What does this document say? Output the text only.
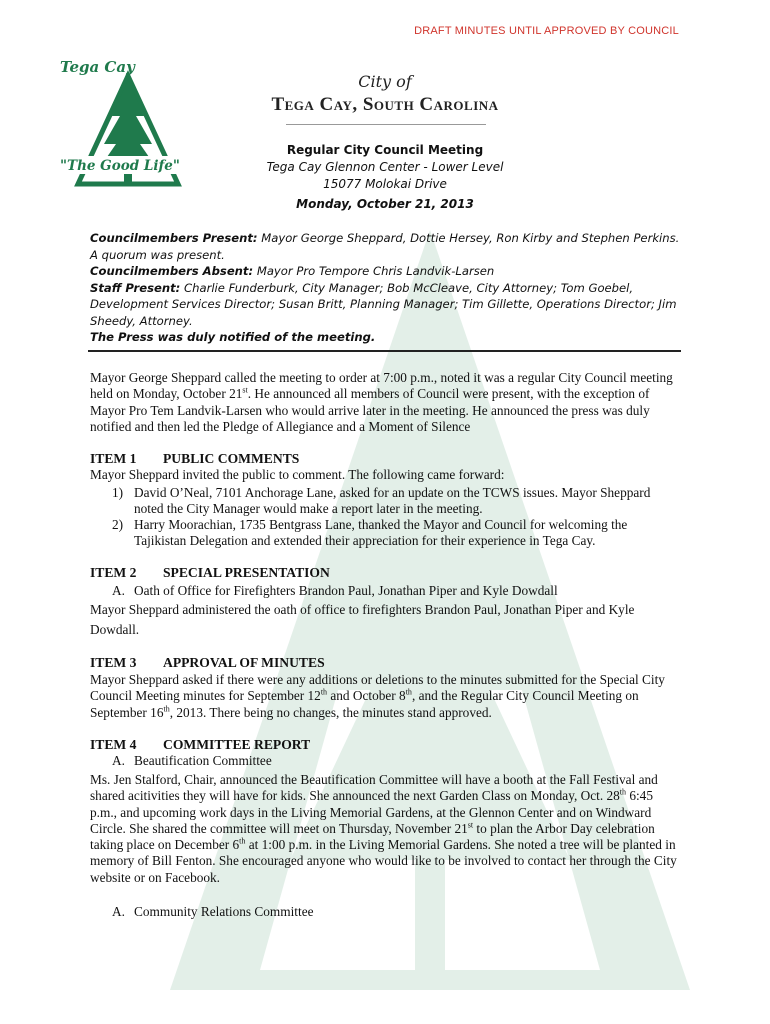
DRAFT MINUTES UNTIL APPROVED BY COUNCIL
Tega Cay
"The Good Life"
City of
Tega Cay, South Carolina
Regular City Council Meeting
Tega Cay Glennon Center - Lower Level
15077 Molokai Drive
Monday, October 21, 2013
Councilmembers Present: Mayor George Sheppard, Dottie Hersey, Ron Kirby and Stephen Perkins. A quorum was present.
Councilmembers Absent: Mayor Pro Tempore Chris Landvik-Larsen
Staff Present: Charlie Funderburk, City Manager; Bob McCleave, City Attorney; Tom Goebel, Development Services Director; Susan Britt, Planning Manager; Tim Gillette, Operations Director; Jim Sheedy, Attorney.
The Press was duly notified of the meeting.
Mayor George Sheppard called the meeting to order at 7:00 p.m., noted it was a regular City Council meeting held on Monday, October 21st. He announced all members of Council were present, with the exception of Mayor Pro Tem Landvik-Larsen who would arrive later in the meeting. He announced the press was duly notified and then led the Pledge of Allegiance and a Moment of Silence
ITEM 1 PUBLIC COMMENTS
Mayor Sheppard invited the public to comment. The following came forward:
1) David O’Neal, 7101 Anchorage Lane, asked for an update on the TCWS issues. Mayor Sheppard noted the City Manager would make a report later in the meeting.
2) Harry Moorachian, 1735 Bentgrass Lane, thanked the Mayor and Council for welcoming the Tajikistan Delegation and extended their appreciation for their experience in Tega Cay.
ITEM 2 SPECIAL PRESENTATION
A. Oath of Office for Firefighters Brandon Paul, Jonathan Piper and Kyle Dowdall
Mayor Sheppard administered the oath of office to firefighters Brandon Paul, Jonathan Piper and Kyle Dowdall.
ITEM 3 APPROVAL OF MINUTES
Mayor Sheppard asked if there were any additions or deletions to the minutes submitted for the Special City Council Meeting minutes for September 12th and October 8th, and the Regular City Council Meeting on September 16th, 2013. There being no changes, the minutes stand approved.
ITEM 4 COMMITTEE REPORT
A. Beautification Committee
Ms. Jen Stalford, Chair, announced the Beautification Committee will have a booth at the Fall Festival and shared acitivities they will have for kids. She announced the next Garden Class on Monday, Oct. 28th 6:45 p.m., and upcoming work days in the Living Memorial Gardens, at the Glennon Center and on Windward Circle. She shared the committee will meet on Thursday, November 21st to plan the Arbor Day celebration taking place on December 6th at 1:00 p.m. in the Living Memorial Gardens. She noted a tree will be planted in memory of Bill Fenton. She encouraged anyone who would like to be involved to contact her through the City website or on Facebook.
A. Community Relations Committee
